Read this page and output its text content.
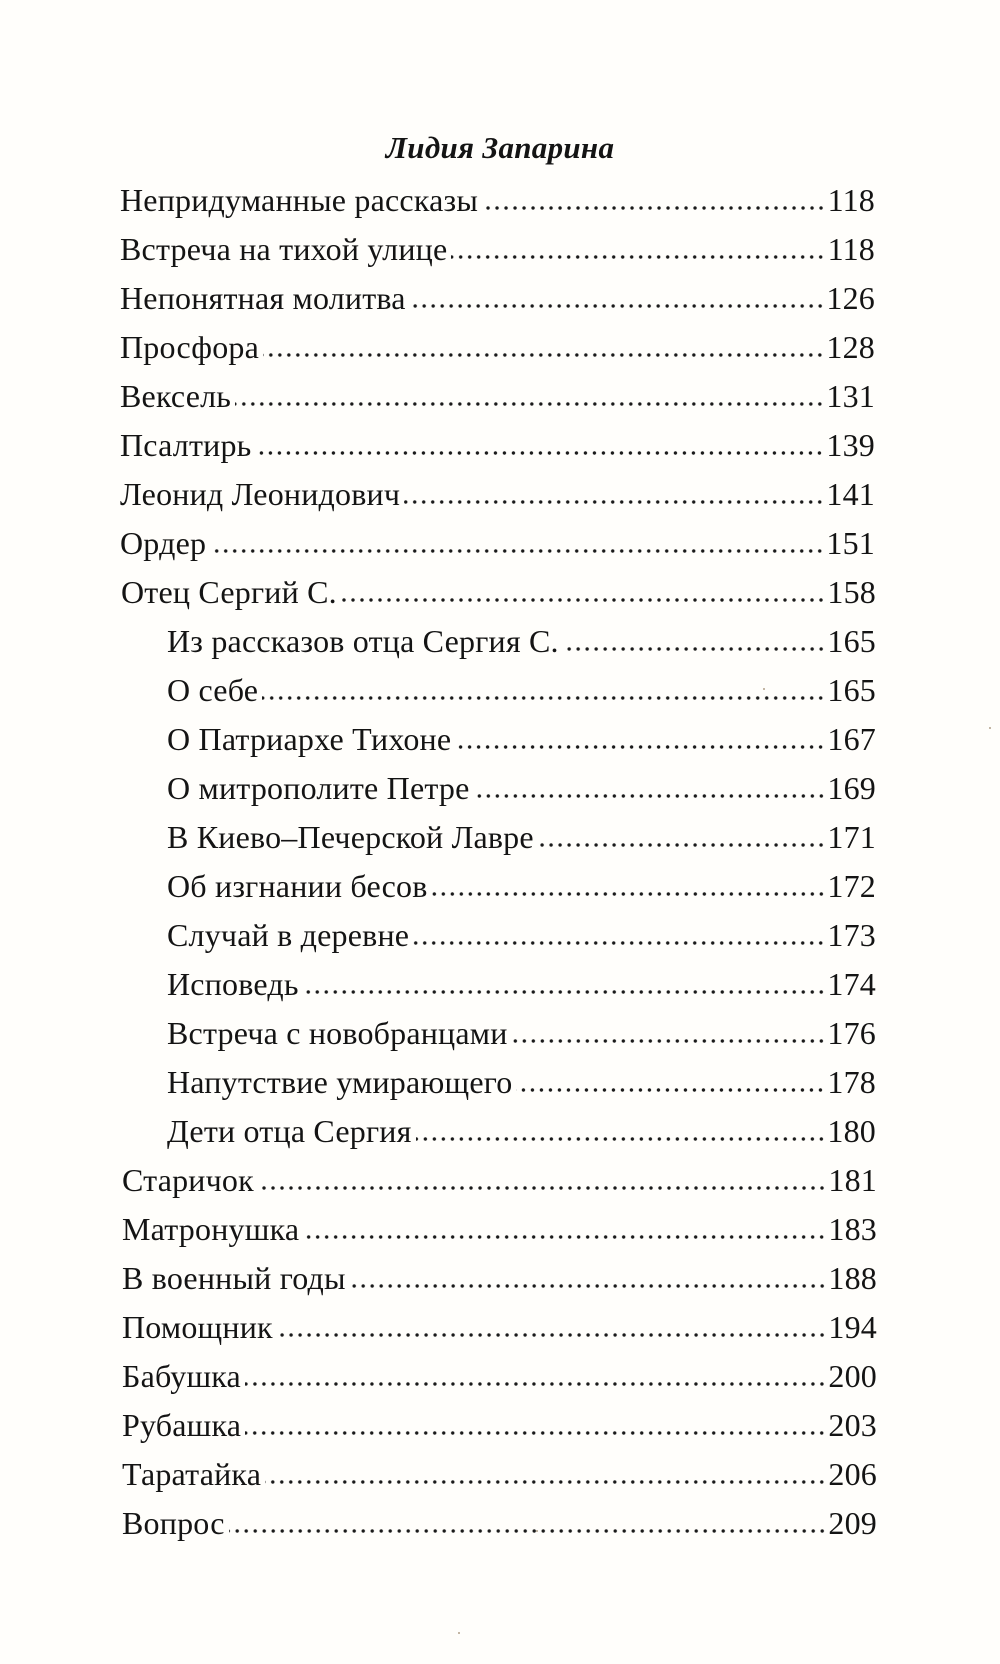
Лидия Запарина
Непридуманные рассказы	118
Встреча на тихой улице	118
Непонятная молитва	126
Просфора	128
Вексель	131
Псалтирь	139
Леонид Леонидович	141
Ордер	151
Отец Сергий С.	158
Из рассказов отца Сергия С.	165
О себе	165
О Патриархе Тихоне	167
О митрополите Петре	169
В Киево–Печерской Лавре	171
Об изгнании бесов	172
Случай в деревне	173
Исповедь	174
Встреча с новобранцами	176
Напутствие умирающего	178
Дети отца Сергия	180
Старичок	181
Матронушка	183
В военный годы	188
Помощник	194
Бабушка	200
Рубашка	203
Таратайка	206
Вопрос	209
